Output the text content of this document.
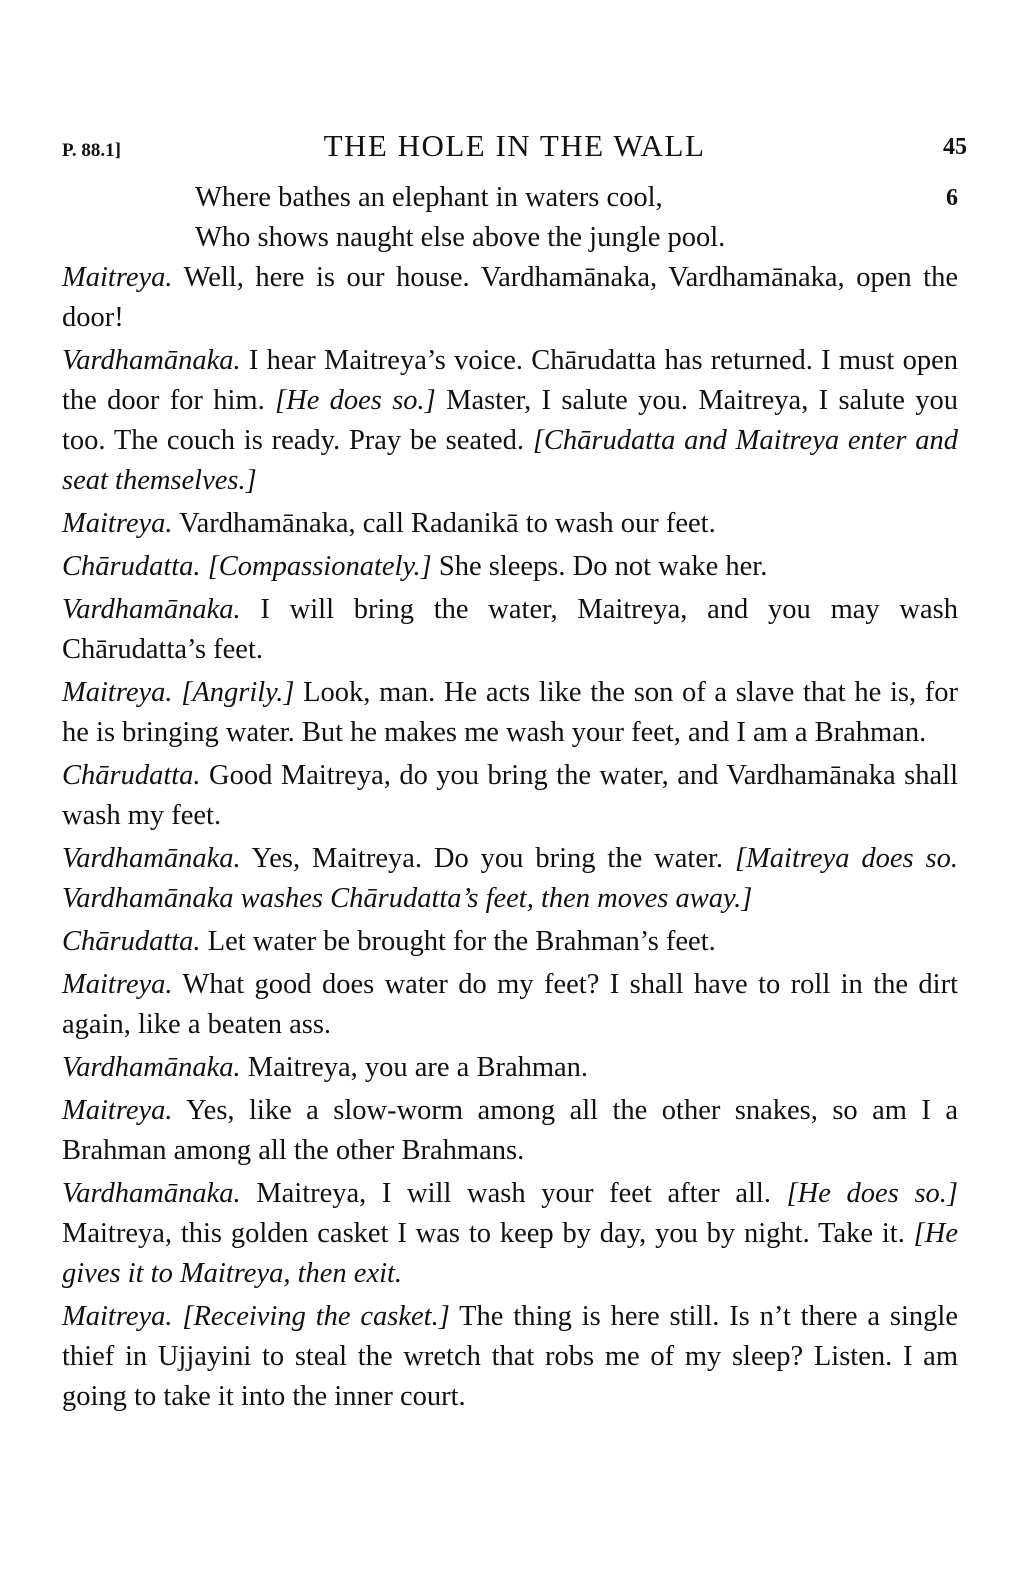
P. 88.1]	THE HOLE IN THE WALL	45
Where bathes an elephant in waters cool,
Who shows naught else above the jungle pool.
6

Maitreya. Well, here is our house. Vardhamānaka, Vardhamānaka, open the door!

Vardhamānaka. I hear Maitreya’s voice. Chārudatta has returned. I must open the door for him. [He does so.] Master, I salute you. Maitreya, I salute you too. The couch is ready. Pray be seated. [Chārudatta and Maitreya enter and seat themselves.]

Maitreya. Vardhamānaka, call Radanikā to wash our feet.

Chārudatta. [Compassionately.] She sleeps. Do not wake her.

Vardhamānaka. I will bring the water, Maitreya, and you may wash Chārudatta’s feet.

Maitreya. [Angrily.] Look, man. He acts like the son of a slave that he is, for he is bringing water. But he makes me wash your feet, and I am a Brahman.

Chārudatta. Good Maitreya, do you bring the water, and Vardhamānaka shall wash my feet.

Vardhamānaka. Yes, Maitreya. Do you bring the water. [Maitreya does so. Vardhamānaka washes Chārudatta’s feet, then moves away.]

Chārudatta. Let water be brought for the Brahman’s feet.

Maitreya. What good does water do my feet? I shall have to roll in the dirt again, like a beaten ass.

Vardhamānaka. Maitreya, you are a Brahman.

Maitreya. Yes, like a slow-worm among all the other snakes, so am I a Brahman among all the other Brahmans.

Vardhamānaka. Maitreya, I will wash your feet after all. [He does so.] Maitreya, this golden casket I was to keep by day, you by night. Take it. [He gives it to Maitreya, then exit.

Maitreya. [Receiving the casket.] The thing is here still. Is n’t there a single thief in Ujjayini to steal the wretch that robs me of my sleep? Listen. I am going to take it into the inner court.
